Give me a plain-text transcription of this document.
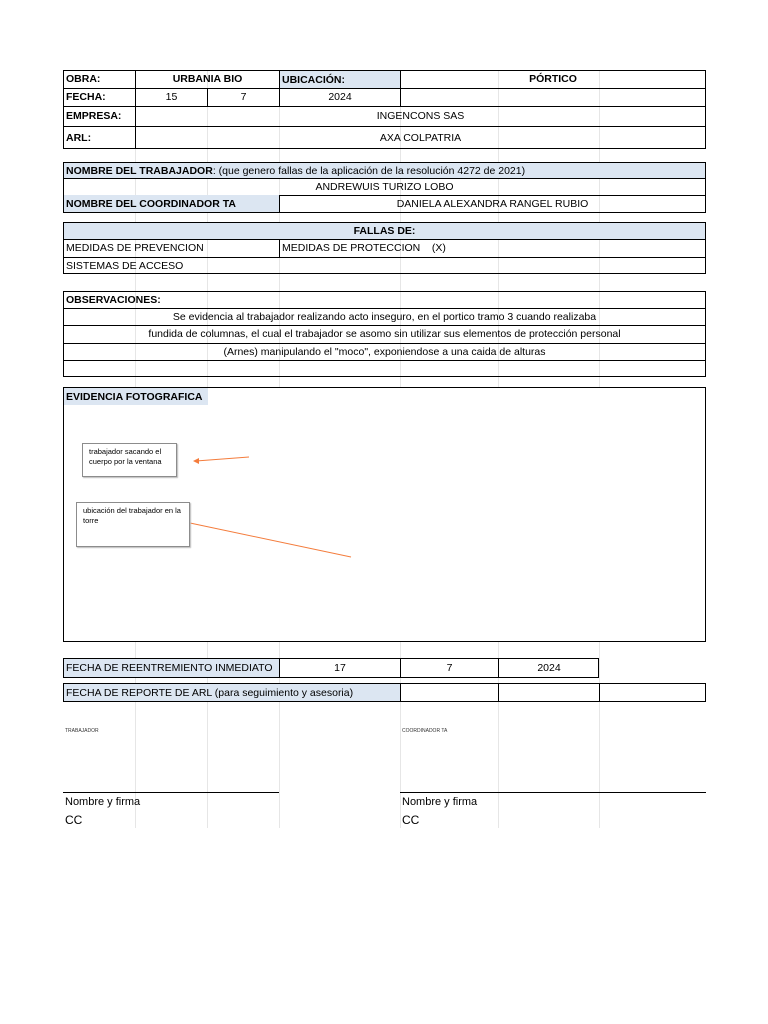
OBRA:	URBANIA BIO	UBICACIÓN:	PÓRTICO
FECHA:	15	7	2024
EMPRESA:	INGENCONS SAS
ARL:	AXA COLPATRIA
NOMBRE DEL TRABAJADOR : (que genero fallas de la aplicación de la resolución 4272 de 2021)
ANDREWUIS TURIZO LOBO
NOMBRE DEL COORDINADOR TA	DANIELA ALEXANDRA RANGEL RUBIO
FALLAS DE:
MEDIDAS DE PREVENCION	MEDIDAS DE PROTECCION    (X)
SISTEMAS DE ACCESO
OBSERVACIONES:
Se evidencia al trabajador realizando acto inseguro, en el portico tramo 3 cuando realizaba
fundida de columnas, el cual el trabajador se asomo sin utilizar sus elementos de protección personal
(Arnes) manipulando el "moco", exponiendose a una caida de alturas
EVIDENCIA FOTOGRAFICA
trabajador sacando el cuerpo por la ventana
ubicación del trabajador en la torre
FECHA DE REENTREMIENTO INMEDIATO	17	7	2024
FECHA DE REPORTE DE ARL (para seguimiento y asesoria)
TRABAJADOR	COORDINADOR TA
Nombre y firma
CC
Nombre y firma
CC
